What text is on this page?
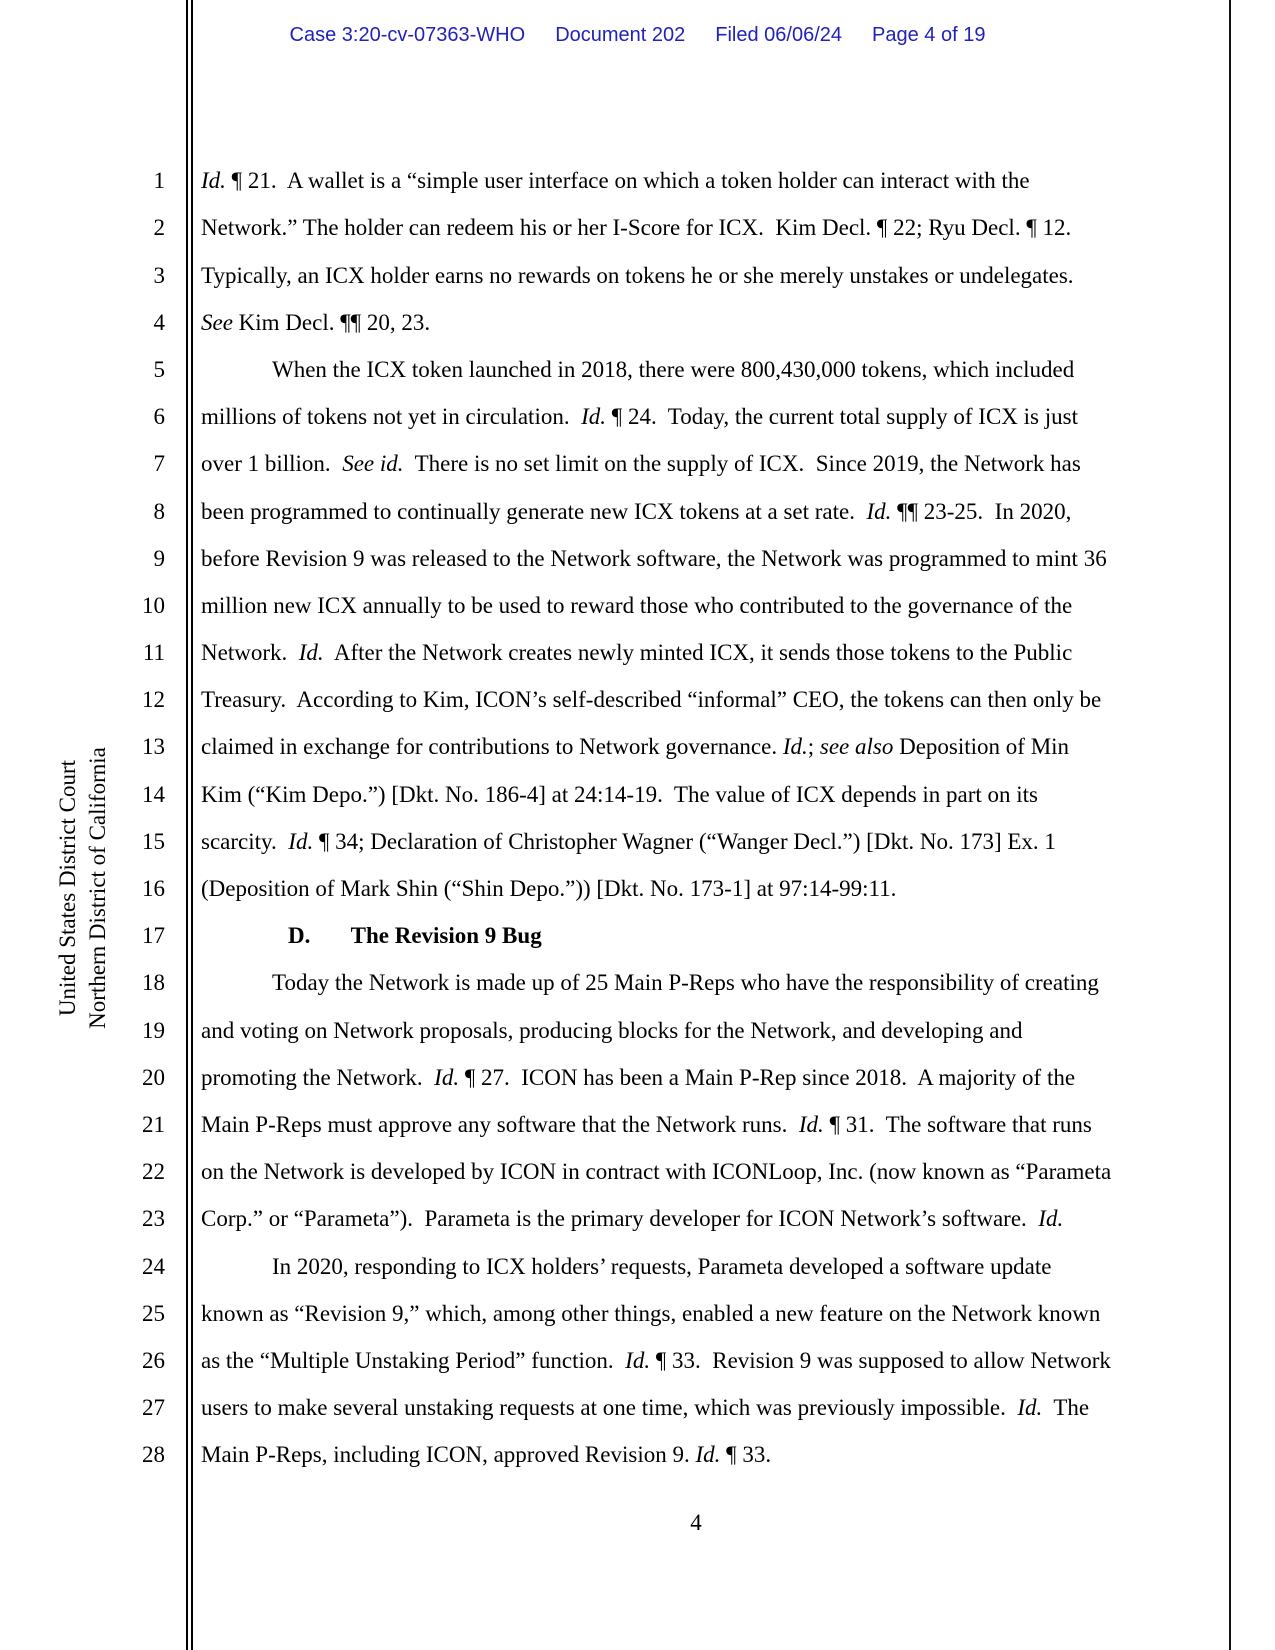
Case 3:20-cv-07363-WHO Document 202 Filed 06/06/24 Page 4 of 19
United States District Court Northern District of California
1	Id. ¶ 21.  A wallet is a “simple user interface on which a token holder can interact with the
2	Network.” The holder can redeem his or her I-Score for ICX.  Kim Decl. ¶ 22; Ryu Decl. ¶ 12.
3	Typically, an ICX holder earns no rewards on tokens he or she merely unstakes or undelegates.
4	See Kim Decl. ¶¶ 20, 23.
5	When the ICX token launched in 2018, there were 800,430,000 tokens, which included
6	millions of tokens not yet in circulation.  Id. ¶ 24.  Today, the current total supply of ICX is just
7	over 1 billion.  See id.  There is no set limit on the supply of ICX.  Since 2019, the Network has
8	been programmed to continually generate new ICX tokens at a set rate.  Id. ¶¶ 23-25.  In 2020,
9	before Revision 9 was released to the Network software, the Network was programmed to mint 36
10	million new ICX annually to be used to reward those who contributed to the governance of the
11	Network.  Id.  After the Network creates newly minted ICX, it sends those tokens to the Public
12	Treasury.  According to Kim, ICON’s self-described “informal” CEO, the tokens can then only be
13	claimed in exchange for contributions to Network governance. Id.; see also Deposition of Min
14	Kim (“Kim Depo.”) [Dkt. No. 186-4] at 24:14-19.  The value of ICX depends in part on its
15	scarcity.  Id. ¶ 34; Declaration of Christopher Wagner (“Wanger Decl.”) [Dkt. No. 173] Ex. 1
16	(Deposition of Mark Shin (“Shin Depo.”)) [Dkt. No. 173-1] at 97:14-99:11.
17	D. The Revision 9 Bug
18	Today the Network is made up of 25 Main P-Reps who have the responsibility of creating
19	and voting on Network proposals, producing blocks for the Network, and developing and
20	promoting the Network.  Id. ¶ 27.  ICON has been a Main P-Rep since 2018.  A majority of the
21	Main P-Reps must approve any software that the Network runs.  Id. ¶ 31.  The software that runs
22	on the Network is developed by ICON in contract with ICONLoop, Inc. (now known as “Parameta
23	Corp.” or “Parameta”).  Parameta is the primary developer for ICON Network’s software.  Id.
24	In 2020, responding to ICX holders’ requests, Parameta developed a software update
25	known as “Revision 9,” which, among other things, enabled a new feature on the Network known
26	as the “Multiple Unstaking Period” function.  Id. ¶ 33.  Revision 9 was supposed to allow Network
27	users to make several unstaking requests at one time, which was previously impossible.  Id.  The
28	Main P-Reps, including ICON, approved Revision 9. Id. ¶ 33.
4
